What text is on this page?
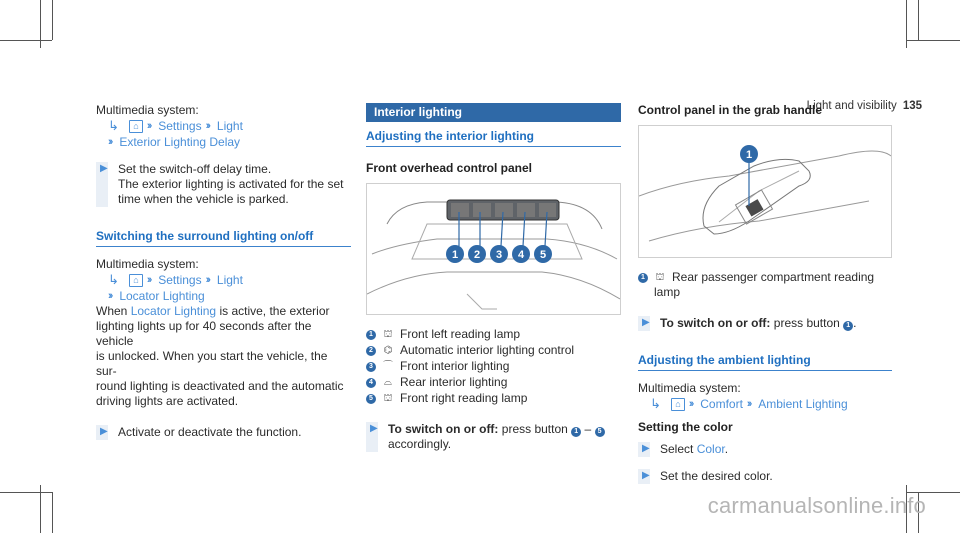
Light and visibility 135

Multimedia system:

↳	⌂ ›› Settings ›› Light
›› Exterior Lighting Delay
▶ Set the switch-off delay time.

The exterior lighting is activated for the set

time when the vehicle is parked.

Switching the surround lighting on/off

Multimedia system:

↳	⌂ ›› Settings ›› Light
›› Locator Lighting

When Locator Lighting is active, the exterior

lighting lights up for 40 seconds after the vehicle

is unlocked. When you start the vehicle, the sur-

round lighting is deactivated and the automatic

driving lights are activated.

▶ Activate or deactivate the function.

Interior lighting
Adjusting the interior lighting
Front overhead control panel
1 2 3 4 5
1	⛫ Front left reading lamp
2	⌬ Automatic interior lighting control
3	⌒ Front interior lighting
4	⌓ Rear interior lighting
5	⛫ Front right reading lamp
▶ To switch on or off: press button 1 – 5

accordingly.

Control panel in the grab handle
1
1	⛫ Rear passenger compartment reading

lamp

▶ To switch on or off: press button 1 .

Adjusting the ambient lighting

Multimedia system:

↳	⌂ ›› Comfort ›› Ambient Lighting
Setting the color
▶ Select Color.

▶ Set the desired color.

carmanualsonline.info
